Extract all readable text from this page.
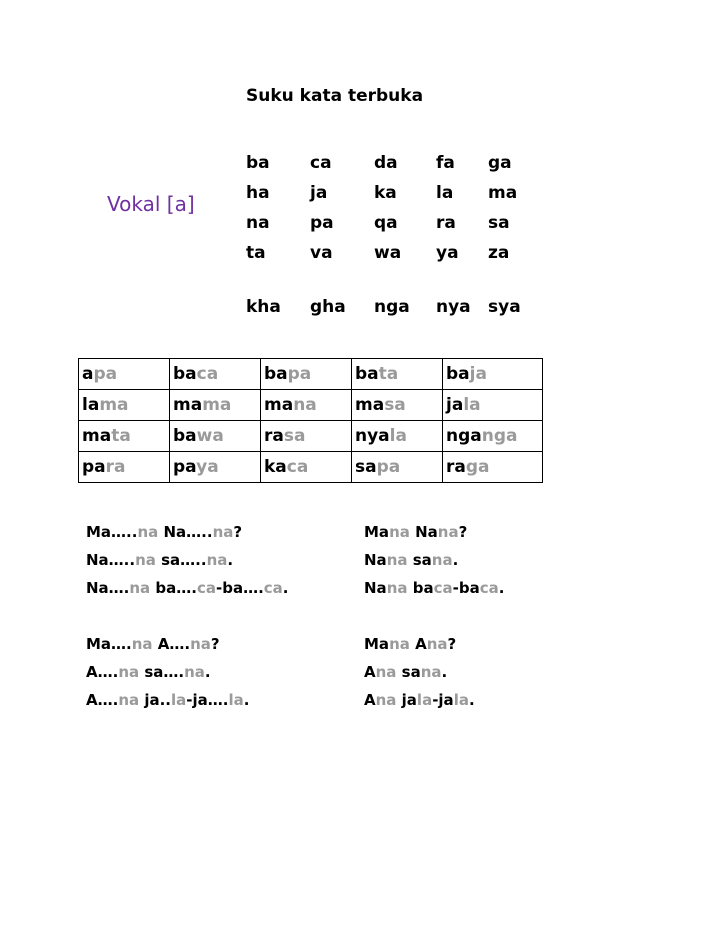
Suku kata terbuka
Vokal [a]
ba	ca	da	fa	ga
ha	ja	ka	la	ma
na	pa	qa	ra	sa
ta	va	wa	ya	za
kha	gha	nga	nya	sya
apa	baca	bapa	bata	baja
lama	mama	mana	masa	jala
mata	bawa	rasa	nyala	nganga
para	paya	kaca	sapa	raga
Ma…..na Na…..na?
Na…..na sa…..na.
Na….na ba….ca-ba….ca.
Ma….na A….na?
A….na sa….na.
A….na ja..la-ja….la.
Mana Nana?
Nana sana.
Nana baca-baca.
Mana Ana?
Ana sana.
Ana jala-jala.
